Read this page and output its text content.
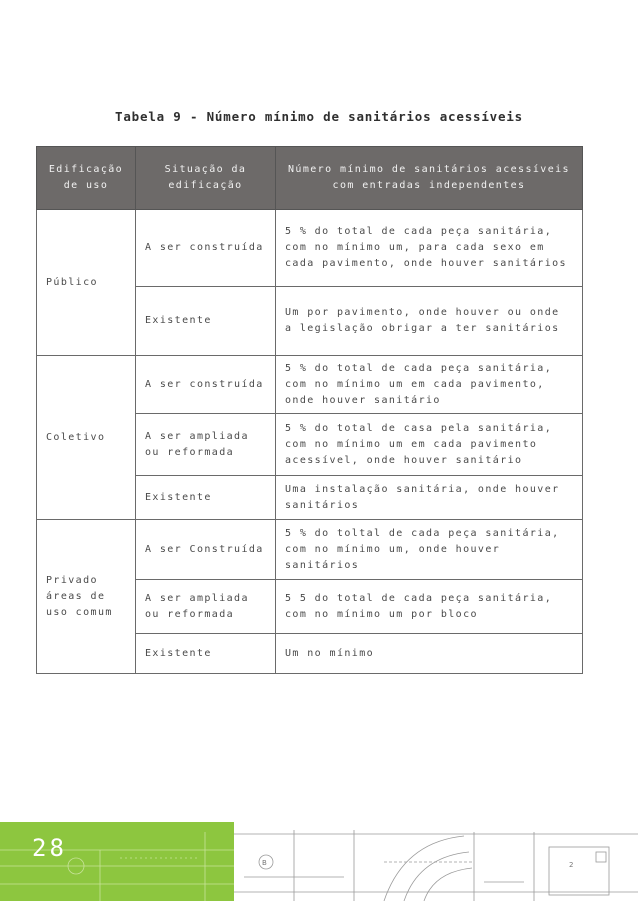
Tabela 9 - Número mínimo de sanitários acessíveis
Edificação de uso	Situação da edificação	Número mínimo de sanitários acessíveis com entradas independentes
Público	A ser construída	5 % do total de cada peça sanitária, com no mínimo um, para cada sexo em cada pavimento, onde houver sanitários
	Existente	Um por pavimento, onde houver ou onde a legislação obrigar a ter sanitários
Coletivo	A ser construída	5 % do total de cada peça sanitária, com no mínimo um em cada pavimento, onde houver sanitário
	A ser ampliada ou reformada	5 % do total de casa pela sanitária, com no mínimo um em cada pavimento acessível, onde houver sanitário
	Existente	Uma instalação sanitária, onde houver sanitários
Privado áreas de uso comum	A ser Construída	5 % do toltal de cada peça sanitária, com no mínimo um, onde houver sanitários
	A ser ampliada ou reformada	5 5 do total de cada peça sanitária, com no mínimo um por bloco
	Existente	Um no mínimo
28
B	2
